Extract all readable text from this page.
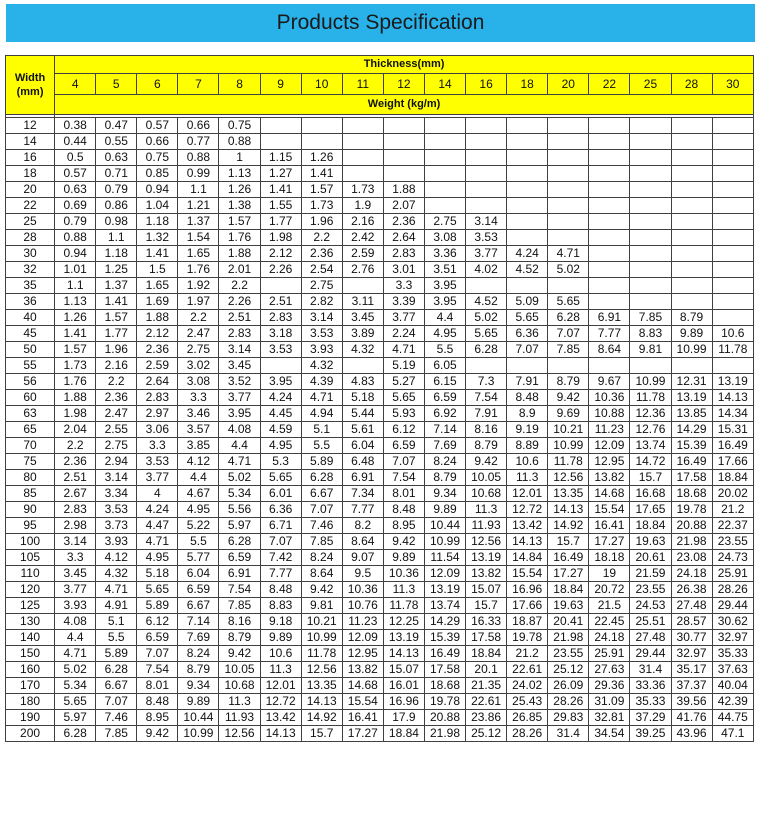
Products Specification
Width
(mm)	Thickness(mm)																
	4	5	6	7	8	9	10	11	12	14	16	18	20	22	25	28	30
	Weight (kg/m)																

12	0.38	0.47	0.57	0.66	0.75												
14	0.44	0.55	0.66	0.77	0.88												
16	0.5	0.63	0.75	0.88	1	1.15	1.26										
18	0.57	0.71	0.85	0.99	1.13	1.27	1.41										
20	0.63	0.79	0.94	1.1	1.26	1.41	1.57	1.73	1.88								
22	0.69	0.86	1.04	1.21	1.38	1.55	1.73	1.9	2.07								
25	0.79	0.98	1.18	1.37	1.57	1.77	1.96	2.16	2.36	2.75	3.14						
28	0.88	1.1	1.32	1.54	1.76	1.98	2.2	2.42	2.64	3.08	3.53						
30	0.94	1.18	1.41	1.65	1.88	2.12	2.36	2.59	2.83	3.36	3.77	4.24	4.71				
32	1.01	1.25	1.5	1.76	2.01	2.26	2.54	2.76	3.01	3.51	4.02	4.52	5.02				
35	1.1	1.37	1.65	1.92	2.2		2.75		3.3	3.95							
36	1.13	1.41	1.69	1.97	2.26	2.51	2.82	3.11	3.39	3.95	4.52	5.09	5.65				
40	1.26	1.57	1.88	2.2	2.51	2.83	3.14	3.45	3.77	4.4	5.02	5.65	6.28	6.91	7.85	8.79	
45	1.41	1.77	2.12	2.47	2.83	3.18	3.53	3.89	2.24	4.95	5.65	6.36	7.07	7.77	8.83	9.89	10.6
50	1.57	1.96	2.36	2.75	3.14	3.53	3.93	4.32	4.71	5.5	6.28	7.07	7.85	8.64	9.81	10.99	11.78
55	1.73	2.16	2.59	3.02	3.45		4.32		5.19	6.05							
56	1.76	2.2	2.64	3.08	3.52	3.95	4.39	4.83	5.27	6.15	7.3	7.91	8.79	9.67	10.99	12.31	13.19
60	1.88	2.36	2.83	3.3	3.77	4.24	4.71	5.18	5.65	6.59	7.54	8.48	9.42	10.36	11.78	13.19	14.13
63	1.98	2.47	2.97	3.46	3.95	4.45	4.94	5.44	5.93	6.92	7.91	8.9	9.69	10.88	12.36	13.85	14.34
65	2.04	2.55	3.06	3.57	4.08	4.59	5.1	5.61	6.12	7.14	8.16	9.19	10.21	11.23	12.76	14.29	15.31
70	2.2	2.75	3.3	3.85	4.4	4.95	5.5	6.04	6.59	7.69	8.79	8.89	10.99	12.09	13.74	15.39	16.49
75	2.36	2.94	3.53	4.12	4.71	5.3	5.89	6.48	7.07	8.24	9.42	10.6	11.78	12.95	14.72	16.49	17.66
80	2.51	3.14	3.77	4.4	5.02	5.65	6.28	6.91	7.54	8.79	10.05	11.3	12.56	13.82	15.7	17.58	18.84
85	2.67	3.34	4	4.67	5.34	6.01	6.67	7.34	8.01	9.34	10.68	12.01	13.35	14.68	16.68	18.68	20.02
90	2.83	3.53	4.24	4.95	5.56	6.36	7.07	7.77	8.48	9.89	11.3	12.72	14.13	15.54	17.65	19.78	21.2
95	2.98	3.73	4.47	5.22	5.97	6.71	7.46	8.2	8.95	10.44	11.93	13.42	14.92	16.41	18.84	20.88	22.37
100	3.14	3.93	4.71	5.5	6.28	7.07	7.85	8.64	9.42	10.99	12.56	14.13	15.7	17.27	19.63	21.98	23.55
105	3.3	4.12	4.95	5.77	6.59	7.42	8.24	9.07	9.89	11.54	13.19	14.84	16.49	18.18	20.61	23.08	24.73
110	3.45	4.32	5.18	6.04	6.91	7.77	8.64	9.5	10.36	12.09	13.82	15.54	17.27	19	21.59	24.18	25.91
120	3.77	4.71	5.65	6.59	7.54	8.48	9.42	10.36	11.3	13.19	15.07	16.96	18.84	20.72	23.55	26.38	28.26
125	3.93	4.91	5.89	6.67	7.85	8.83	9.81	10.76	11.78	13.74	15.7	17.66	19.63	21.5	24.53	27.48	29.44
130	4.08	5.1	6.12	7.14	8.16	9.18	10.21	11.23	12.25	14.29	16.33	18.87	20.41	22.45	25.51	28.57	30.62
140	4.4	5.5	6.59	7.69	8.79	9.89	10.99	12.09	13.19	15.39	17.58	19.78	21.98	24.18	27.48	30.77	32.97
150	4.71	5.89	7.07	8.24	9.42	10.6	11.78	12.95	14.13	16.49	18.84	21.2	23.55	25.91	29.44	32.97	35.33
160	5.02	6.28	7.54	8.79	10.05	11.3	12.56	13.82	15.07	17.58	20.1	22.61	25.12	27.63	31.4	35.17	37.63
170	5.34	6.67	8.01	9.34	10.68	12.01	13.35	14.68	16.01	18.68	21.35	24.02	26.09	29.36	33.36	37.37	40.04
180	5.65	7.07	8.48	9.89	11.3	12.72	14.13	15.54	16.96	19.78	22.61	25.43	28.26	31.09	35.33	39.56	42.39
190	5.97	7.46	8.95	10.44	11.93	13.42	14.92	16.41	17.9	20.88	23.86	26.85	29.83	32.81	37.29	41.76	44.75
200	6.28	7.85	9.42	10.99	12.56	14.13	15.7	17.27	18.84	21.98	25.12	28.26	31.4	34.54	39.25	43.96	47.1
